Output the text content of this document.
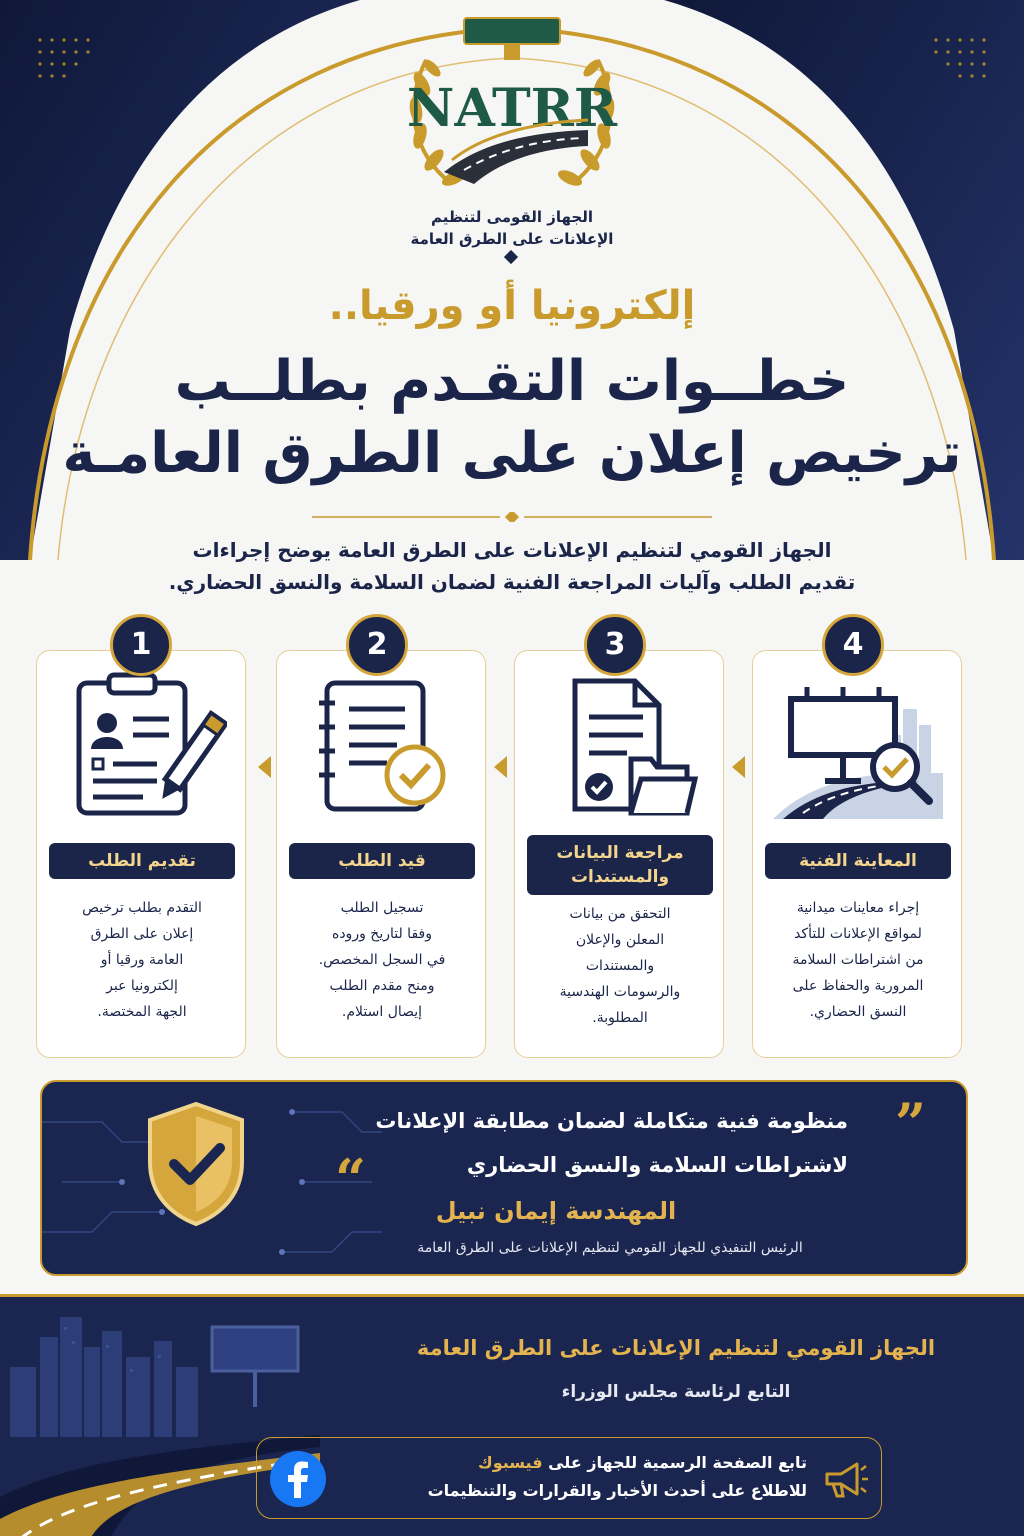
NATRR
الجهاز القومى لتنظيم
الإعلانات على الطرق العامة
إلكترونيا أو ورقيا..
خطــوات التقـدم بطلــب
ترخيص إعلان على الطرق العامـة
الجهاز القومي لتنظيم الإعلانات على الطرق العامة يوضح إجراءات
تقديم الطلب وآليات المراجعة الفنية لضمان السلامة والنسق الحضاري.
تقديم الطلب
التقدم بطلب ترخيص
إعلان على الطرق
العامة ورقيا أو
إلكترونيا عبر
الجهة المختصة.
1
قيد الطلب
تسجيل الطلب
وفقا لتاريخ وروده
في السجل المخصص.
ومنح مقدم الطلب
إيصال استلام.
2
مراجعة البيانات
والمستندات
التحقق من بيانات
المعلن والإعلان
والمستندات
والرسومات الهندسية
المطلوبة.
3
المعاينة الفنية
إجراء معاينات ميدانية
لمواقع الإعلانات للتأكد
من اشتراطات السلامة
المرورية والحفاظ على
النسق الحضاري.
4
”
منظومة فنية متكاملة لضمان مطابقة الإعلانات
“	لاشتراطات السلامة والنسق الحضاري
المهندسة إيمان نبيل
الرئيس التنفيذي للجهاز القومي لتنظيم الإعلانات على الطرق العامة
الجهاز القومي لتنظيم الإعلانات على الطرق العامة
التابع لرئاسة مجلس الوزراء
تابع الصفحة الرسمية للجهاز على فيسبوك
للاطلاع على أحدث الأخبار والقرارات والتنظيمات
